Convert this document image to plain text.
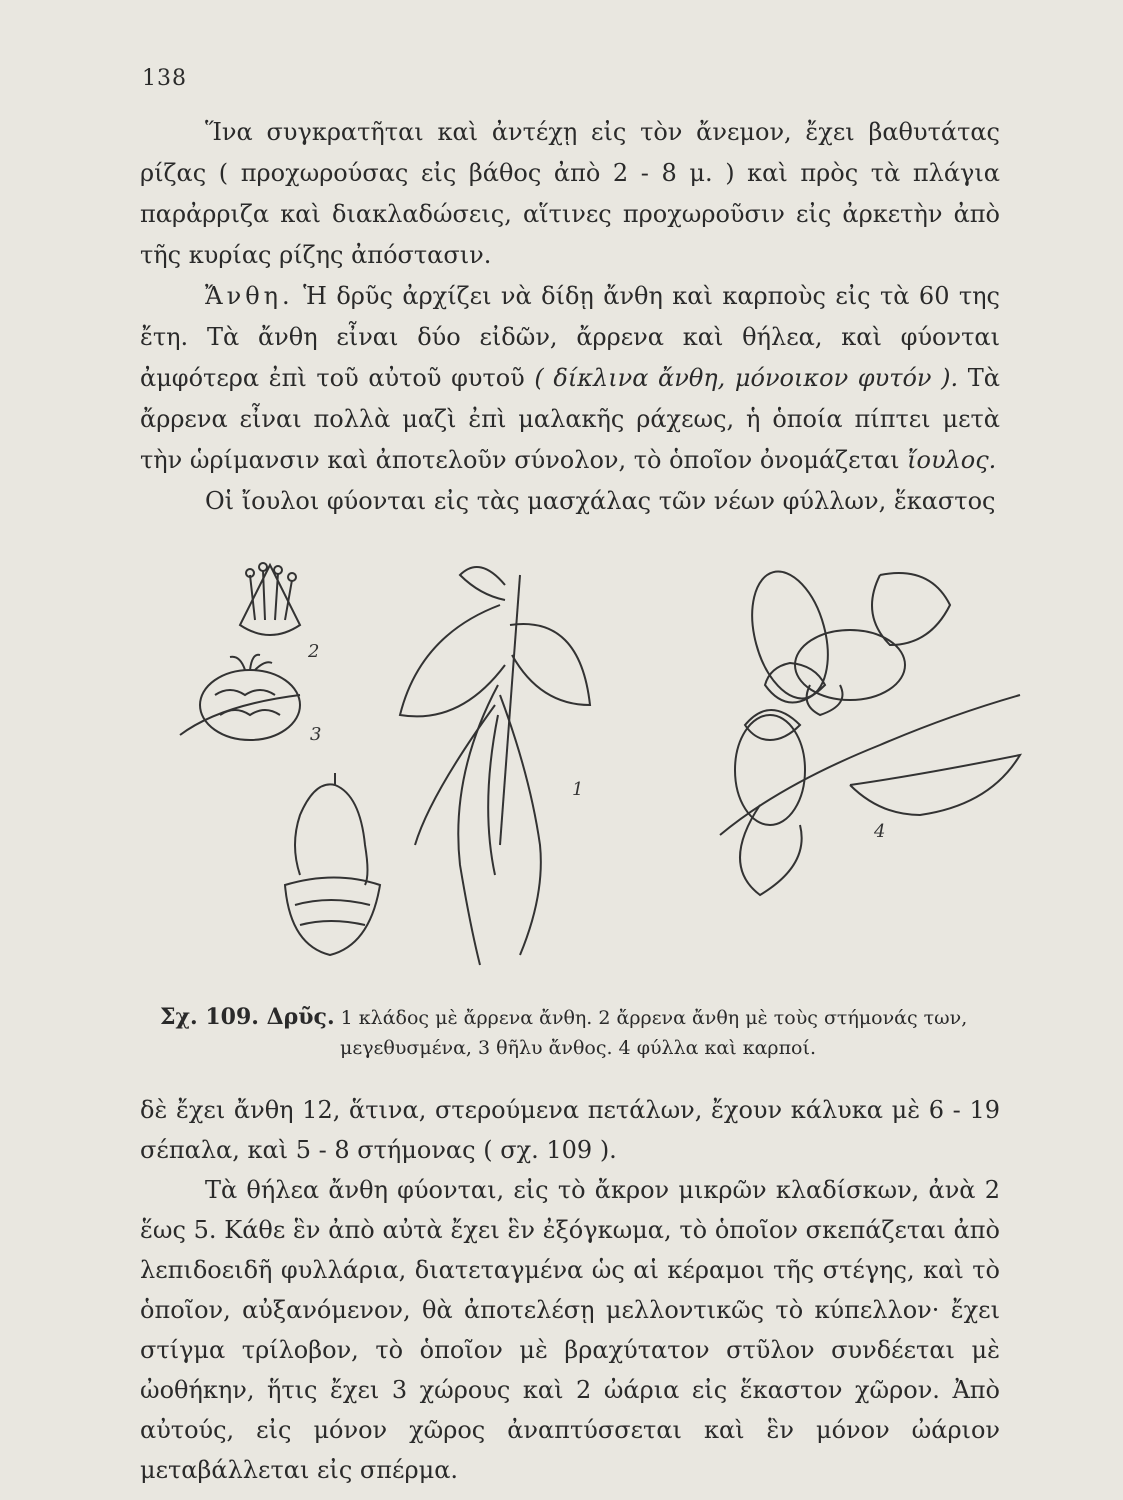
138

Ἵνα συγκρατῆται καὶ ἀντέχῃ εἰς τὸν ἄνεμον, ἔχει βαθυτάτας ρίζας ( προχωρούσας εἰς βάθος ἀπὸ 2 - 8 μ. ) καὶ πρὸς τὰ πλάγια παρἀρριζα καὶ διακλαδώσεις, αἵτινες προχωροῦσιν εἰς ἀρκετὴν ἀπὸ τῆς κυρίας ρίζης ἀπόστασιν.

Ἄνθη. Ἡ δρῦς ἀρχίζει νὰ δίδῃ ἄνθη καὶ καρποὺς εἰς τὰ 60 της ἔτη. Τὰ ἄνθη εἶναι δύο εἰδῶν, ἄρρενα καὶ θήλεα, καὶ φύονται ἀμφότερα ἐπὶ τοῦ αὐτοῦ φυτοῦ ( δίκλινα ἄνθη, μόνοικον φυτόν ). Τὰ ἄρρενα εἶναι πολλὰ μαζὶ ἐπὶ μαλακῆς ράχεως, ἡ ὁποία πίπτει μετὰ τὴν ὡρίμανσιν καὶ ἀποτελοῦν σύνολον, τὸ ὁποῖον ὀνομάζεται ἴουλος.

Οἱ ἴουλοι φύονται εἰς τὰς μασχάλας τῶν νέων φύλλων, ἕκαστος

2
3
1
4
Σχ. 109. Δρῦς. 1 κλάδος μὲ ἄρρενα ἄνθη. 2 ἄρρενα ἄνθη μὲ τοὺς στήμονάς των,
μεγεθυσμένα, 3 θῆλυ ἄνθος. 4 φύλλα καὶ καρποί.

δὲ ἔχει ἄνθη 12, ἅτινα, στερούμενα πετάλων, ἔχουν κάλυκα μὲ 6 - 19 σέπαλα, καὶ 5 - 8 στήμονας ( σχ. 109 ).

Τὰ θήλεα ἄνθη φύονται, εἰς τὸ ἄκρον μικρῶν κλαδίσκων, ἀνὰ 2 ἕως 5. Κάθε ἓν ἀπὸ αὐτὰ ἔχει ἓν ἐξόγκωμα, τὸ ὁποῖον σκεπάζεται ἀπὸ λεπιδοειδῆ φυλλάρια, διατεταγμένα ὡς αἱ κέραμοι τῆς στέγης, καὶ τὸ ὁποῖον, αὐξανόμενον, θὰ ἀποτελέσῃ μελλοντικῶς τὸ κύπελλον· ἔχει στίγμα τρίλοβον, τὸ ὁποῖον μὲ βραχύτατον στῦλον συνδέεται μὲ ὠοθήκην, ἥτις ἔχει 3 χώρους καὶ 2 ὠάρια εἰς ἕκαστον χῶρον. Ἀπὸ αὐτούς, εἰς μόνον χῶρος ἀναπτύσσεται καὶ ἓν μόνον ὠάριον μεταβάλλεται εἰς σπέρμα.
